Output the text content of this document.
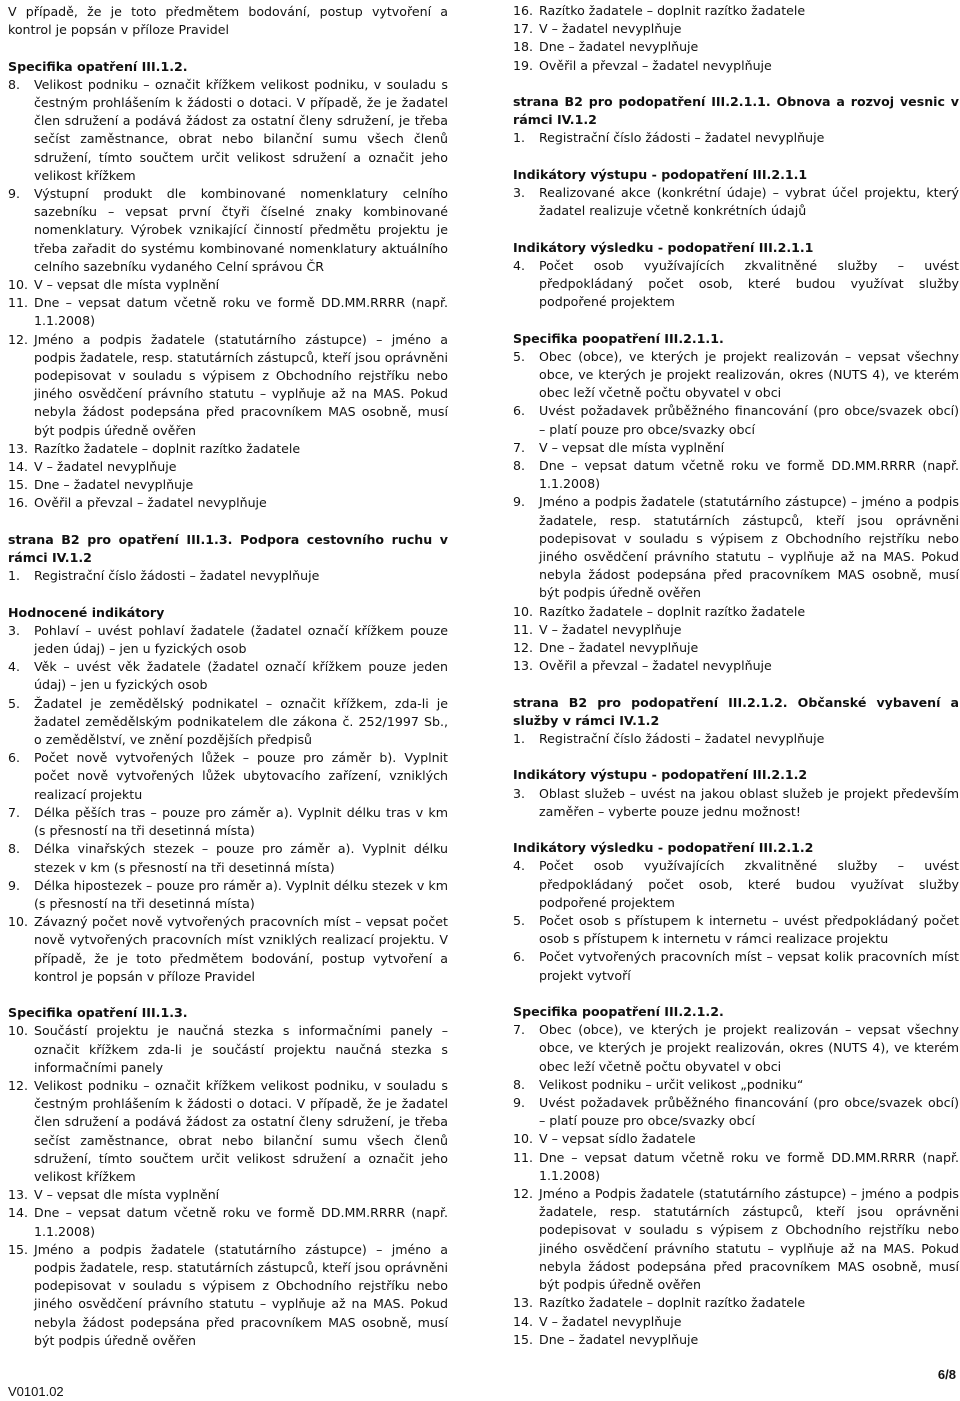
V případě, že je toto předmětem bodování, postup vytvoření a kontrol je popsán v příloze Pravidel
Specifika opatření III.1.2.
8.	Velikost podniku – označit křížkem velikost podniku, v souladu s čestným prohlášením k žádosti o dotaci. V případě, že je žadatel člen sdružení a podává žádost za ostatní členy sdružení, je třeba sečíst zaměstnance, obrat nebo bilanční sumu všech členů sdružení, tímto součtem určit velikost sdružení a označit jeho velikost křížkem
9.	Výstupní produkt dle kombinované nomenklatury celního sazebníku – vepsat první čtyři číselné znaky kombinované nomenklatury. Výrobek vznikající činností předmětu projektu je třeba zařadit do systému kombinované nomenklatury aktuálního celního sazebníku vydaného Celní správou ČR
10. V – vepsat dle místa vyplnění
11. Dne – vepsat datum včetně roku ve formě DD.MM.RRRR (např. 1.1.2008)
12. Jméno a podpis žadatele (statutárního zástupce) – jméno a podpis žadatele, resp. statutárních zástupců, kteří jsou oprávněni podepisovat v souladu s výpisem z Obchodního rejstříku nebo jiného osvědčení právního statutu – vyplňuje až na MAS. Pokud nebyla žádost podepsána před pracovníkem MAS osobně, musí být podpis úředně ověřen
13. Razítko žadatele – doplnit razítko žadatele
14. V – žadatel nevyplňuje
15. Dne – žadatel nevyplňuje
16. Ověřil a převzal – žadatel nevyplňuje
strana B2 pro opatření III.1.3. Podpora cestovního ruchu v rámci IV.1.2
1.	Registrační číslo žádosti – žadatel nevyplňuje
Hodnocené indikátory
3.	Pohlaví – uvést pohlaví žadatele (žadatel označí křížkem pouze jeden údaj) – jen u fyzických osob
4.	Věk – uvést věk žadatele (žadatel označí křížkem pouze jeden údaj) – jen u fyzických osob
5.	Žadatel je zemědělský podnikatel – označit křížkem, zda-li je žadatel zemědělským podnikatelem dle zákona č. 252/1997 Sb., o zemědělství, ve znění pozdějších předpisů
6.	Počet nově vytvořených lůžek – pouze pro záměr b). Vyplnit počet nově vytvořených lůžek ubytovacího zařízení, vzniklých realizací projektu
7.	Délka pěších tras – pouze pro záměr a). Vyplnit délku tras v km (s přesností na tři desetinná místa)
8.	Délka vinařských stezek – pouze pro záměr a). Vyplnit délku stezek v km (s přesností na tři desetinná místa)
9.	Délka hipostezek – pouze pro ráměr a). Vyplnit délku stezek v km (s přesností na tři desetinná místa)
10. Závazný počet nově vytvořených pracovních míst – vepsat počet nově vytvořených pracovních míst vzniklých realizací projektu. V případě, že je toto předmětem bodování, postup vytvoření a kontrol je popsán v příloze Pravidel
Specifika opatření III.1.3.
10. Součástí projektu je naučná stezka s informačními panely – označit křížkem zda-li je součástí projektu naučná stezka s informačními panely
12. Velikost podniku – označit křížkem velikost podniku, v souladu s čestným prohlášením k žádosti o dotaci. V případě, že je žadatel člen sdružení a podává žádost za ostatní členy sdružení, je třeba sečíst zaměstnance, obrat nebo bilanční sumu všech členů sdružení, tímto součtem určit velikost sdružení a označit jeho velikost křížkem
13. V – vepsat dle místa vyplnění
14. Dne – vepsat datum včetně roku ve formě DD.MM.RRRR (např. 1.1.2008)
15. Jméno a podpis žadatele (statutárního zástupce) – jméno a podpis žadatele, resp. statutárních zástupců, kteří jsou oprávněni podepisovat v souladu s výpisem z Obchodního rejstříku nebo jiného osvědčení právního statutu – vyplňuje až na MAS. Pokud nebyla žádost podepsána před pracovníkem MAS osobně, musí být podpis úředně ověřen
16. Razítko žadatele – doplnit razítko žadatele
17. V – žadatel nevyplňuje
18. Dne – žadatel nevyplňuje
19. Ověřil a převzal – žadatel nevyplňuje
strana B2 pro podopatření III.2.1.1. Obnova a rozvoj vesnic v rámci IV.1.2
1.	Registrační číslo žádosti – žadatel nevyplňuje
Indikátory výstupu - podopatření III.2.1.1
3.	Realizované akce (konkrétní údaje) – vybrat účel projektu, který žadatel realizuje včetně konkrétních údajů
Indikátory výsledku - podopatření III.2.1.1
4.	Počet osob využívajících zkvalitněné služby – uvést předpokládaný počet osob, které budou využívat služby podpořené projektem
Specifika poopatření III.2.1.1.
5.	Obec (obce), ve kterých je projekt realizován – vepsat všechny obce, ve kterých je projekt realizován, okres (NUTS 4), ve kterém obec leží včetně počtu obyvatel v obci
6.	Uvést požadavek průběžného financování (pro obce/svazek obcí) – platí pouze pro obce/svazky obcí
7.	V – vepsat dle místa vyplnění
8.	Dne – vepsat datum včetně roku ve formě DD.MM.RRRR (např. 1.1.2008)
9.	Jméno a podpis žadatele (statutárního zástupce) – jméno a podpis žadatele, resp. statutárních zástupců, kteří jsou oprávněni podepisovat v souladu s výpisem z Obchodního rejstříku nebo jiného osvědčení právního statutu – vyplňuje až na MAS. Pokud nebyla žádost podepsána před pracovníkem MAS osobně, musí být podpis úředně ověřen
10. Razítko žadatele – doplnit razítko žadatele
11. V – žadatel nevyplňuje
12. Dne – žadatel nevyplňuje
13. Ověřil a převzal – žadatel nevyplňuje
strana B2 pro podopatření III.2.1.2. Občanské vybavení a služby v rámci IV.1.2
1.	Registrační číslo žádosti – žadatel nevyplňuje
Indikátory výstupu - podopatření III.2.1.2
3.	Oblast služeb – uvést na jakou oblast služeb je projekt především zaměřen – vyberte pouze jednu možnost!
Indikátory výsledku - podopatření III.2.1.2
4.	Počet osob využívajících zkvalitněné služby – uvést předpokládaný počet osob, které budou využívat služby podpořené projektem
5.	Počet osob s přístupem k internetu – uvést předpokládaný počet osob s přístupem k internetu v rámci realizace projektu
6.	Počet vytvořených pracovních míst – vepsat kolik pracovních míst projekt vytvoří
Specifika poopatření III.2.1.2.
7.	Obec (obce), ve kterých je projekt realizován – vepsat všechny obce, ve kterých je projekt realizován, okres (NUTS 4), ve kterém obec leží včetně počtu obyvatel v obci
8.	Velikost podniku – určit velikost „podniku“
9.	Uvést požadavek průběžného financování (pro obce/svazek obcí) – platí pouze pro obce/svazky obcí
10. V – vepsat sídlo žadatele
11. Dne – vepsat datum včetně roku ve formě DD.MM.RRRR (např. 1.1.2008)
12. Jméno a Podpis žadatele (statutárního zástupce) – jméno a podpis žadatele, resp. statutárních zástupců, kteří jsou oprávněni podepisovat v souladu s výpisem z Obchodního rejstříku nebo jiného osvědčení právního statutu – vyplňuje až na MAS. Pokud nebyla žádost podepsána před pracovníkem MAS osobně, musí být podpis úředně ověřen
13. Razítko žadatele – doplnit razítko žadatele
14. V – žadatel nevyplňuje
15. Dne – žadatel nevyplňuje
V0101.02
6/8
